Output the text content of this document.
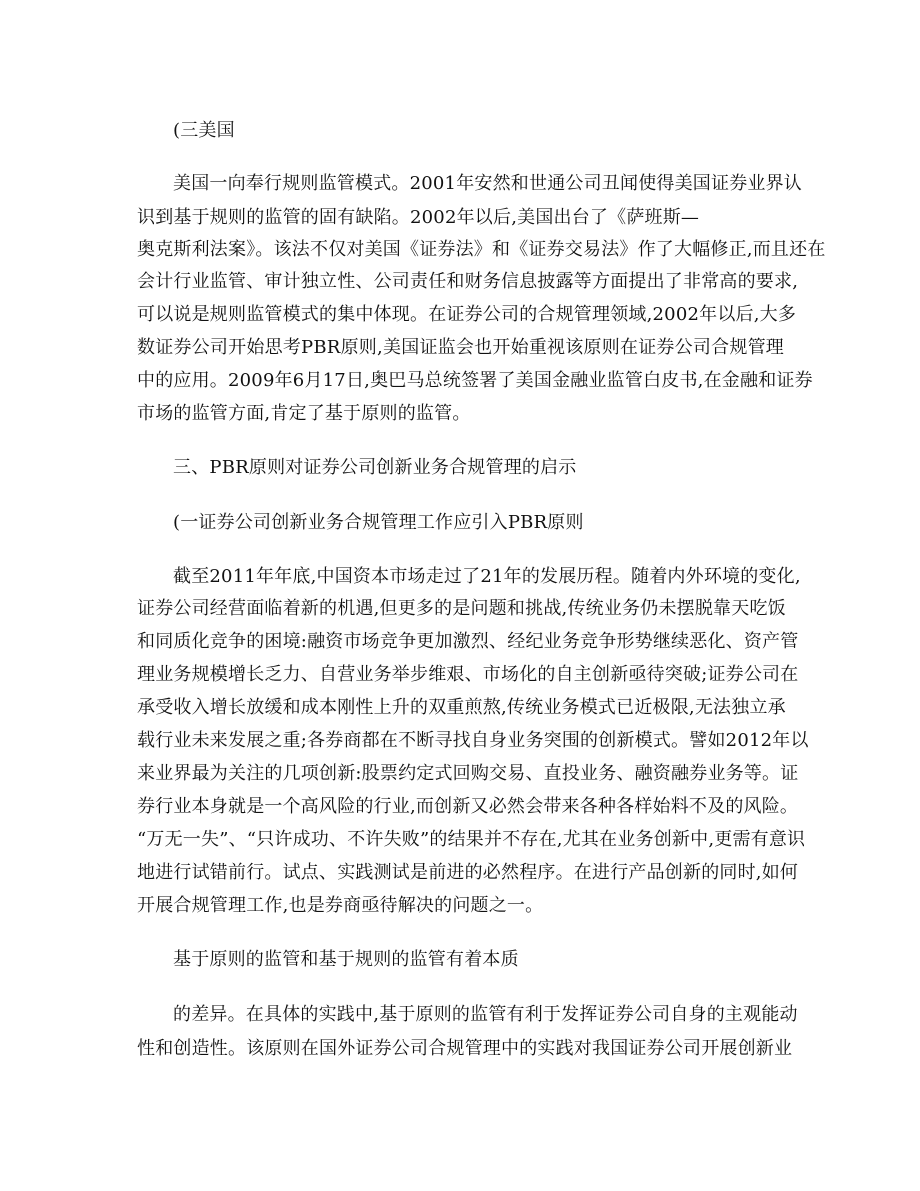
(三美国
美国一向奉行规则监管模式。2001年安然和世通公司丑闻使得美国证券业界认
识到基于规则的监管的固有缺陷。2002年以后,美国出台了《萨班斯—
奥克斯利法案》。该法不仅对美国《证券法》和《证券交易法》作了大幅修正,而且还在
会计行业监管、审计独立性、公司责任和财务信息披露等方面提出了非常高的要求,
可以说是规则监管模式的集中体现。在证券公司的合规管理领域,2002年以后,大多
数证券公司开始思考PBR原则,美国证监会也开始重视该原则在证券公司合规管理
中的应用。2009年6月17日,奥巴马总统签署了美国金融业监管白皮书,在金融和证券
市场的监管方面,肯定了基于原则的监管。
三、PBR原则对证券公司创新业务合规管理的启示
(一证券公司创新业务合规管理工作应引入PBR原则
截至2011年年底,中国资本市场走过了21年的发展历程。随着内外环境的变化,
证券公司经营面临着新的机遇,但更多的是问题和挑战,传统业务仍未摆脱靠天吃饭
和同质化竞争的困境:融资市场竞争更加激烈、经纪业务竞争形势继续恶化、资产管
理业务规模增长乏力、自营业务举步维艰、市场化的自主创新亟待突破;证券公司在
承受收入增长放缓和成本刚性上升的双重煎熬,传统业务模式已近极限,无法独立承
载行业未来发展之重;各券商都在不断寻找自身业务突围的创新模式。譬如2012年以
来业界最为关注的几项创新:股票约定式回购交易、直投业务、融资融券业务等。证
券行业本身就是一个高风险的行业,而创新又必然会带来各种各样始料不及的风险。
“万无一失”、“只许成功、不许失败”的结果并不存在,尤其在业务创新中,更需有意识
地进行试错前行。试点、实践测试是前进的必然程序。在进行产品创新的同时,如何
开展合规管理工作,也是券商亟待解决的问题之一。
基于原则的监管和基于规则的监管有着本质
的差异。在具体的实践中,基于原则的监管有利于发挥证券公司自身的主观能动
性和创造性。该原则在国外证券公司合规管理中的实践对我国证券公司开展创新业
